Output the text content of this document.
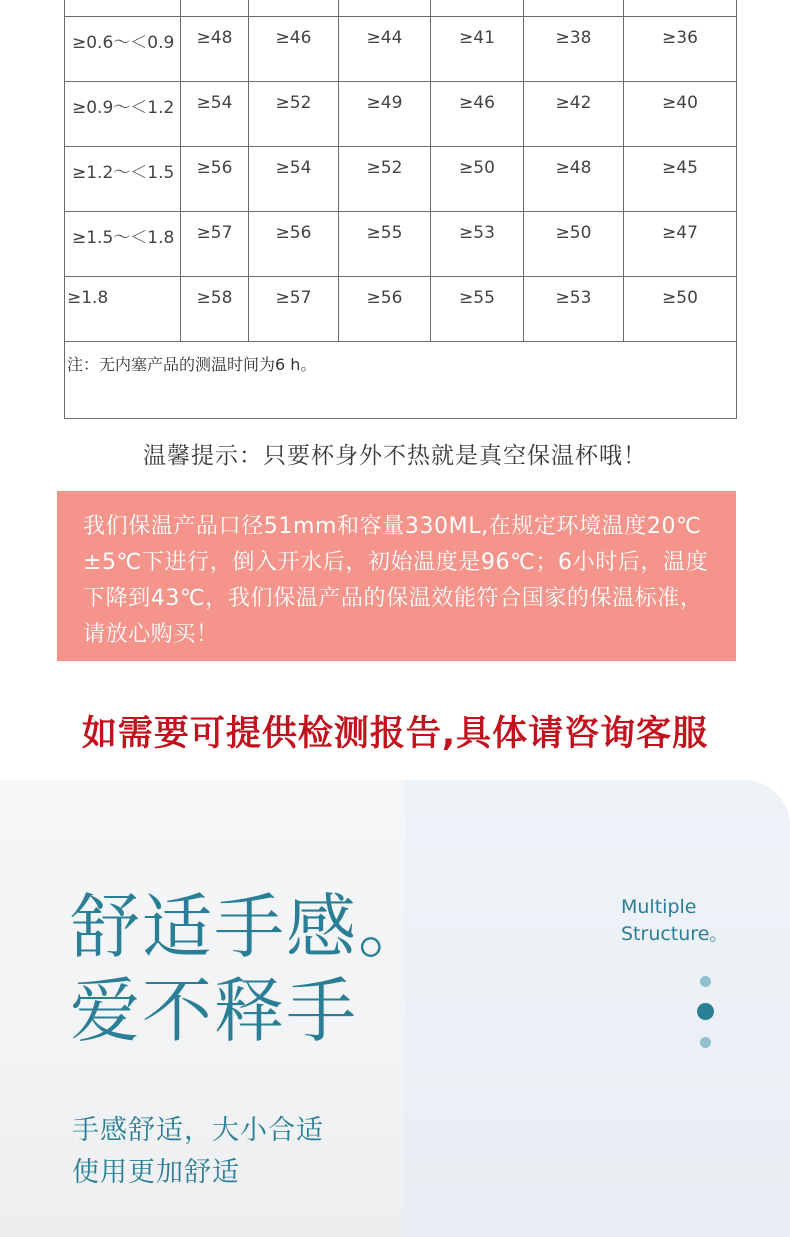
≥0.6～＜0.9	≥48	≥46	≥44	≥41	≥38	≥36
≥0.9～＜1.2	≥54	≥52	≥49	≥46	≥42	≥40
≥1.2～＜1.5	≥56	≥54	≥52	≥50	≥48	≥45
≥1.5～＜1.8	≥57	≥56	≥55	≥53	≥50	≥47
≥1.8	≥58	≥57	≥56	≥55	≥53	≥50
注：无内塞产品的测温时间为6 h。						
温馨提示：只要杯身外不热就是真空保温杯哦！

我们保温产品口径51mm和容量330ML,在规定环境温度20℃±5℃下进行，倒入开水后，初始温度是96℃；6小时后，温度下降到43℃，我们保温产品的保温效能符合国家的保温标准，请放心购买！

如需要可提供检测报告,具体请咨询客服
舒适手感。
爱不释手
手感舒适，大小合适
使用更加舒适
Multiple
Structure。
